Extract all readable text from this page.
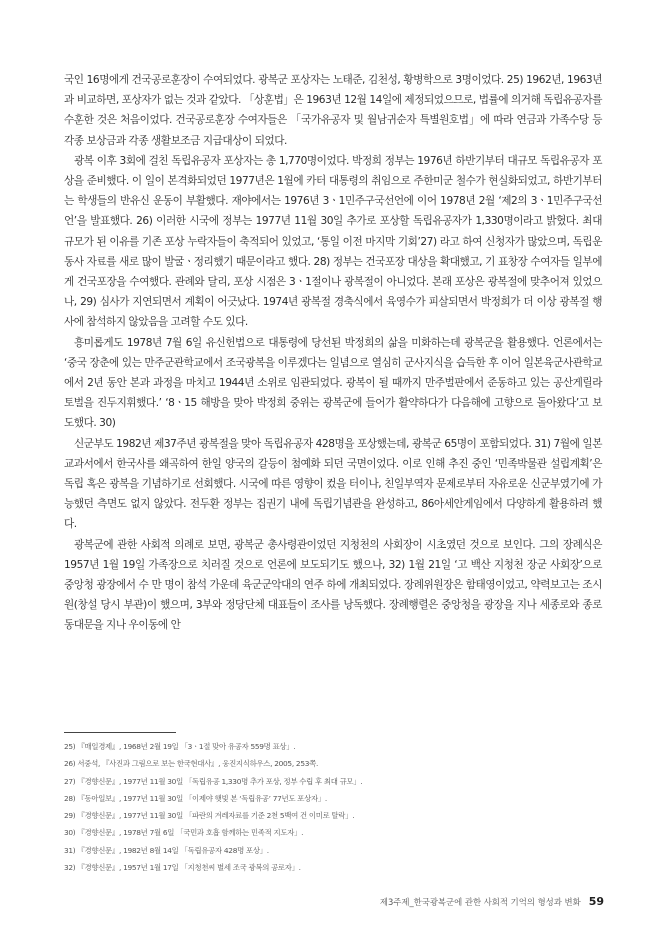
국인 16명에게 건국공로훈장이 수여되었다. 광복군 포상자는 노태준, 김천성, 황병학으로 3명이었다. 25) 1962년, 1963년과 비교하면, 포상자가 없는 것과 같았다. 「상훈법」은 1963년 12월 14일에 제정되었으므로, 법률에 의거해 독립유공자를 수훈한 것은 처음이었다. 건국공로훈장 수여자들은 「국가유공자 및 월남귀순자 특별원호법」에 따라 연금과 가족수당 등 각종 보상금과 각종 생활보조금 지급대상이 되었다.

광복 이후 3회에 걸친 독립유공자 포상자는 총 1,770명이었다. 박정희 정부는 1976년 하반기부터 대규모 독립유공자 포상을 준비했다. 이 일이 본격화되었던 1977년은 1월에 카터 대통령의 취임으로 주한미군 철수가 현실화되었고, 하반기부터는 학생들의 반유신 운동이 부활했다. 재야에서는 1976년 3ㆍ1민주구국선언에 이어 1978년 2월 ‘제2의 3ㆍ1민주구국선언’을 발표했다. 26) 이러한 시국에 정부는 1977년 11월 30일 추가로 포상할 독립유공자가 1,330명이라고 밝혔다. 최대 규모가 된 이유를 기존 포상 누락자들이 축적되어 있었고, ‘통일 이전 마지막 기회’27) 라고 하여 신청자가 많았으며, 독립운동사 자료를 새로 많이 발굴ㆍ정리했기 때문이라고 했다. 28) 정부는 건국포장 대상을 확대했고, 기 표창장 수여자들 일부에게 건국포장을 수여했다. 관례와 달리, 포상 시점은 3ㆍ1절이나 광복절이 아니었다. 본래 포상은 광복절에 맞추어져 있었으나, 29) 심사가 지연되면서 계획이 어긋났다. 1974년 광복절 경축식에서 육영수가 피살되면서 박정희가 더 이상 광복절 행사에 참석하지 않았음을 고려할 수도 있다.

흥미롭게도 1978년 7월 6일 유신헌법으로 대통령에 당선된 박정희의 삶을 미화하는데 광복군을 활용했다. 언론에서는 ‘중국 장춘에 있는 만주군관학교에서 조국광복을 이루겠다는 일념으로 열심히 군사지식을 습득한 후 이어 일본육군사관학교에서 2년 동안 본과 과정을 마치고 1944년 소위로 임관되었다. 광복이 될 때까지 만주벌판에서 준동하고 있는 공산게릴라 토벌을 진두지휘했다.’ ‘8ㆍ15 해방을 맞아 박정희 중위는 광복군에 들어가 활약하다가 다음해에 고향으로 돌아왔다’고 보도했다. 30)

신군부도 1982년 제37주년 광복절을 맞아 독립유공자 428명을 포상했는데, 광복군 65명이 포함되었다. 31) 7월에 일본교과서에서 한국사를 왜곡하여 한일 양국의 갈등이 첨예화 되던 국면이었다. 이로 인해 추진 중인 ‘민족박물관 설립계획’은 독립 혹은 광복을 기념하기로 선회했다. 시국에 따른 영향이 컸을 터이나, 친일부역자 문제로부터 자유로운 신군부였기에 가능했던 측면도 없지 않았다. 전두환 정부는 집권기 내에 독립기념관을 완성하고, 86아세안게임에서 다양하게 활용하려 했다.

광복군에 관한 사회적 의례로 보면, 광복군 총사령관이었던 지청천의 사회장이 시초였던 것으로 보인다. 그의 장례식은 1957년 1월 19일 가족장으로 치러질 것으로 언론에 보도되기도 했으나, 32) 1월 21일 ‘고 백산 지청천 장군 사회장’으로 중앙청 광장에서 수 만 명이 참석 가운데 육군군악대의 연주 하에 개최되었다. 장례위원장은 함태영이었고, 약력보고는 조시원(창설 당시 부관)이 했으며, 3부와 정당단체 대표들이 조사를 낭독했다. 장례행렬은 중앙청을 광장을 지나 세종로와 종로 동대문을 지나 우이동에 안

25) 『매일경제』, 1968년 2월 19일 「3ㆍ1절 맞아 유공자 559명 표상」.
26) 서중석, 『사진과 그림으로 보는 한국현대사』, 웅진지식하우스, 2005, 253쪽.
27) 『경향신문』, 1977년 11월 30일 「독립유공 1,330명 추가 포상, 정부 수립 후 최대 규모」.
28) 『동아일보』, 1977년 11월 30일 「이제야 햇빛 본 ‘독립유공’ 77년도 포상자」.
29) 『경향신문』, 1977년 11월 30일 「파란의 겨레자료를 기준 2천 5백여 건 이미로 탈락」.
30) 『경향신문』, 1978년 7월 6일 「국민과 호흡 함께하는 민족적 지도자」.
31) 『경향신문』, 1982년 8월 14일 「독립유공자 428명 포상」.
32) 『경향신문』, 1957년 1월 17일 「지청천씨 별세 조국 광복의 공로자」.
제3주제_한국광복군에 관한 사회적 기억의 형성과 변화 59
